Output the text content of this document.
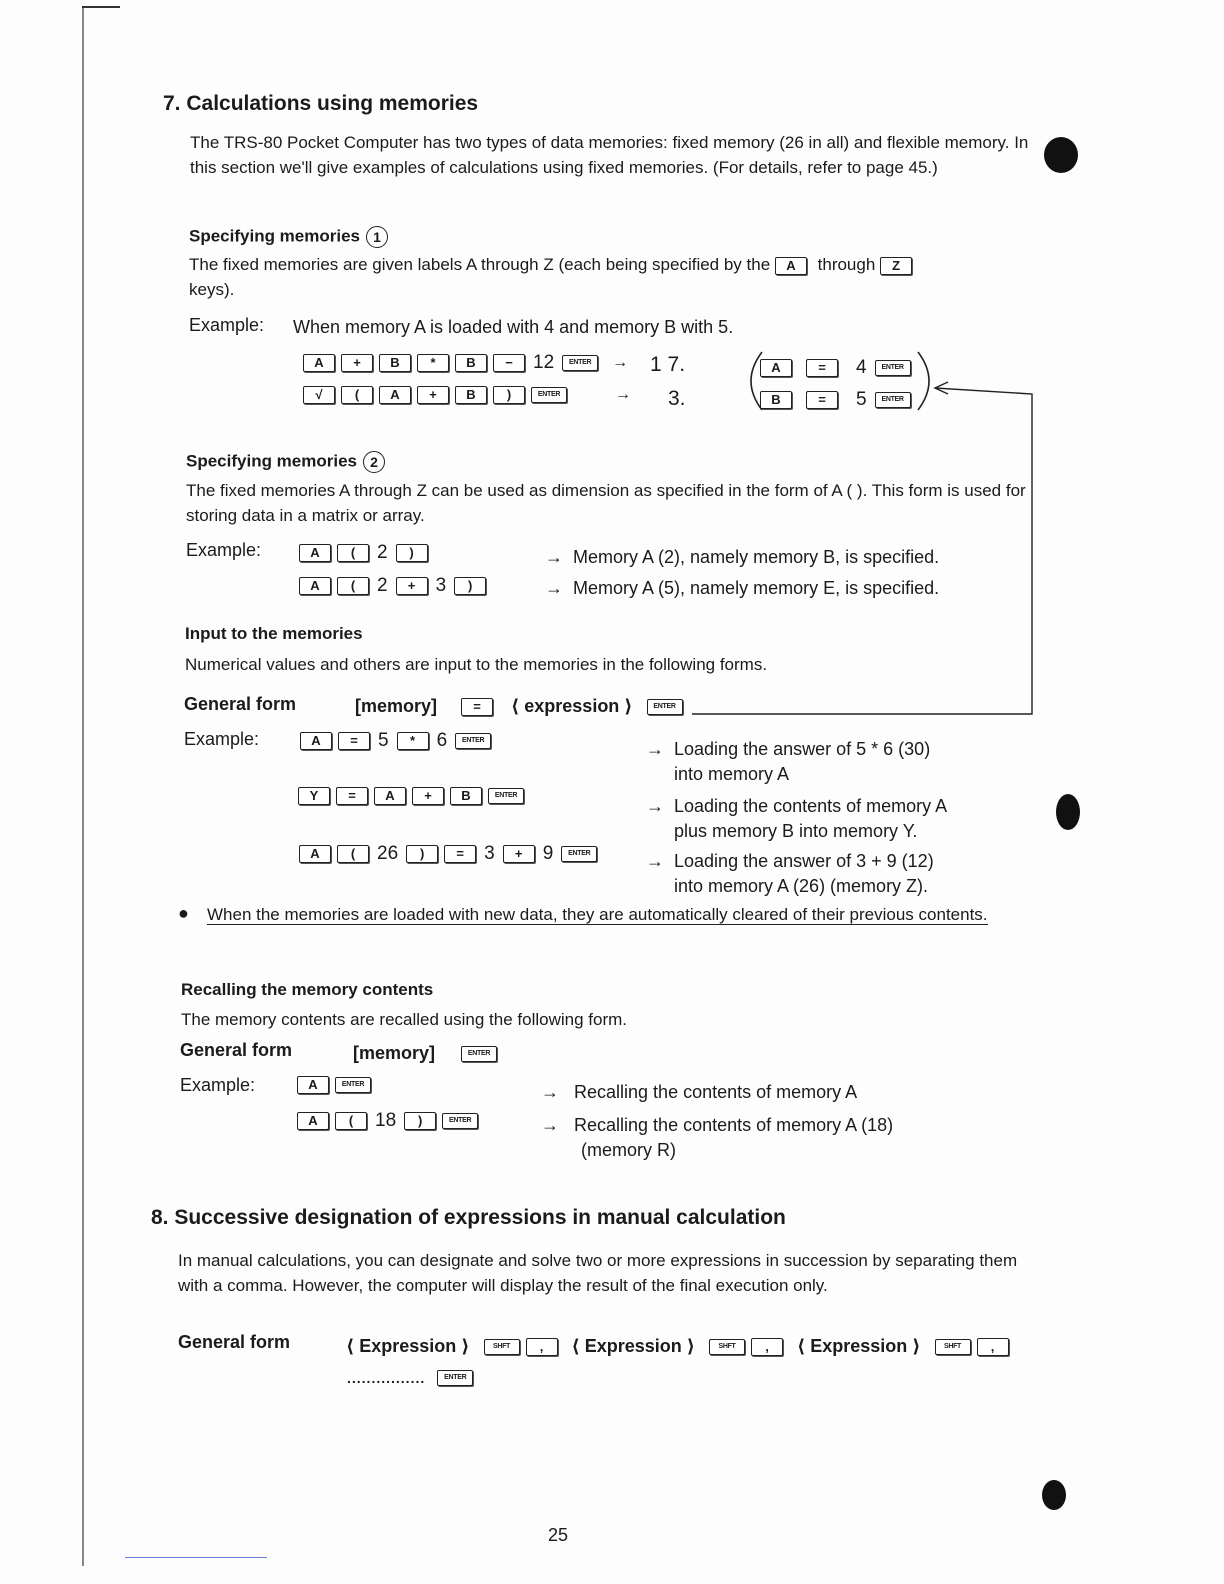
7. Calculations using memories
The TRS-80 Pocket Computer has two types of data memories: fixed memory (26 in all) and flexible memory. In this section we'll give examples of calculations using fixed memories. (For details, refer to page 45.)
Specifying memories 1
The fixed memories are given labels A through Z (each being specified by the A through Z
keys).
Example: When memory A is loaded with 4 and memory B with 5.
A	+	B	*	B	−	12	ENTER	→ 1 7.
√	(	A	+	B	)	ENTER	→ 3.
A	=	4	ENTER
B	=	5	ENTER
Specifying memories 2
The fixed memories A through Z can be used as dimension as specified in the form of A ( ). This form is used for storing data in a matrix or array.
Example:	A	(	2	)	→ Memory A (2), namely memory B, is specified.
A	(	2	+	3	)	→ Memory A (5), namely memory E, is specified.
Input to the memories
Numerical values and others are input to the memories in the following forms.
General form	[memory]	=	⟨ expression ⟩	ENTER
Example:	A	=	5	*	6	ENTER	→ Loading the answer of 5 * 6 (30)
into memory A
Y	=	A	+	B	ENTER
→ Loading the contents of memory A
plus memory B into memory Y.
A	(	26	)	=	3	+	9	ENTER	→ Loading the answer of 3 + 9 (12)
into memory A (26) (memory Z).
● When the memories are loaded with new data, they are automatically cleared of their previous contents.
Recalling the memory contents
The memory contents are recalled using the following form.
General form	[memory]	ENTER
Example:	A	ENTER	→ Recalling the contents of memory A
A	(	18	)	ENTER	→ Recalling the contents of memory A (18)
(memory R)
8. Successive designation of expressions in manual calculation
In manual calculations, you can designate and solve two or more expressions in succession by separating them with a comma. However, the computer will display the result of the final execution only.
General form	⟨ Expression ⟩	SHFT	,	⟨ Expression ⟩	SHFT	,	⟨ Expression ⟩	SHFT	,
................	ENTER
25
